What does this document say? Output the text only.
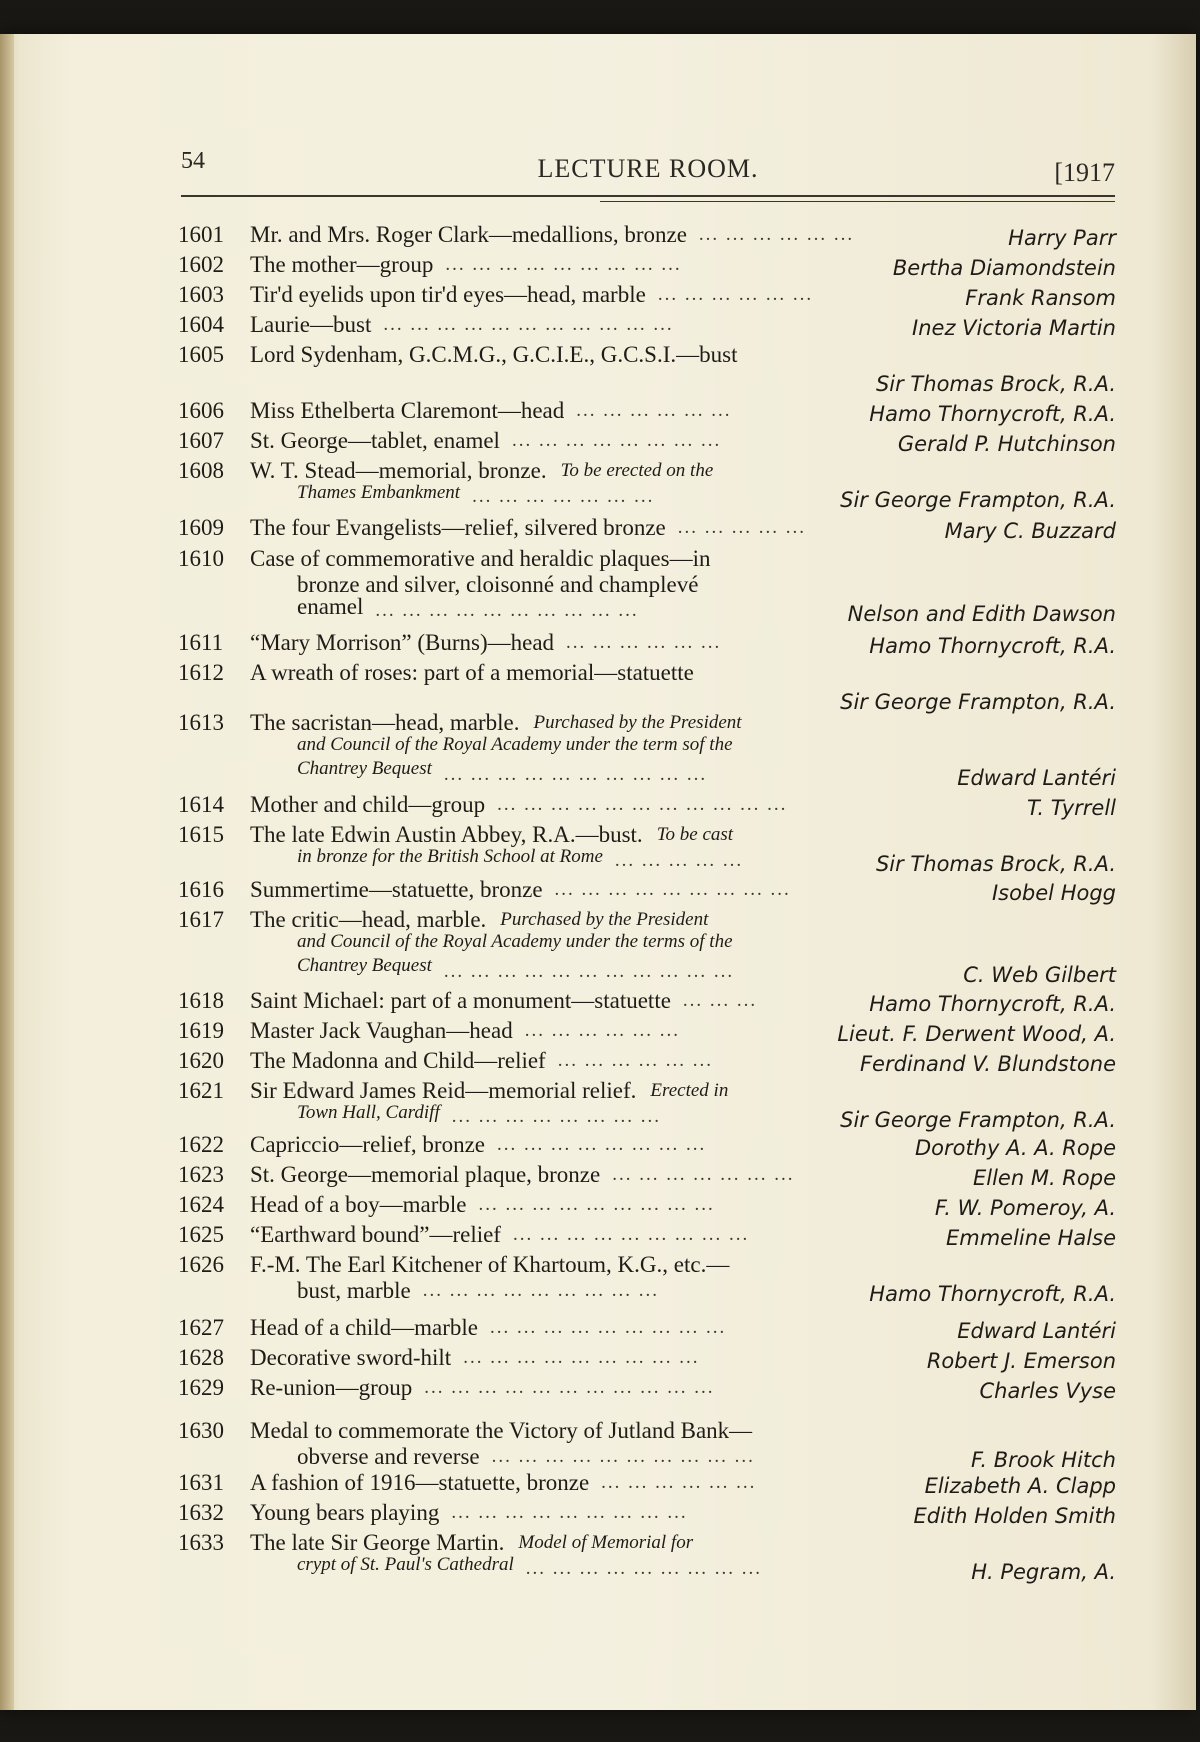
54	LECTURE ROOM.	[1917
1601 Mr. and Mrs. Roger Clark—medallions, bronze	Harry Parr
... ... ... ... ... ...
1602 The mother—group	Bertha Diamondstein
... ... ... ... ... ... ... ... ...
1603 Tir'd eyelids upon tir'd eyes—head, marble	Frank Ransom
... ... ... ... ... ...
1604 Laurie—bust	Inez Victoria Martin
... ... ... ... ... ... ... ... ... ... ...
1605 Lord Sydenham, G.C.M.G., G.C.I.E., G.C.S.I.—bust
Sir Thomas Brock, R.A.
1606 Miss Ethelberta Claremont—head	Hamo Thornycroft, R.A.
... ... ... ... ... ...
1607 St. George—tablet, enamel	Gerald P. Hutchinson
... ... ... ... ... ... ... ...
1608 W. T. Stead—memorial, bronze. To be erected on the
Thames Embankment	Sir George Frampton, R.A.
... ... ... ... ... ... ...
1609 The four Evangelists—relief, silvered bronze	Mary C. Buzzard
... ... ... ... ...
1610 Case of commemorative and heraldic plaques—in
bronze and silver, cloisonné and champlevé
enamel	Nelson and Edith Dawson
... ... ... ... ... ... ... ... ... ...
1611 “Mary Morrison” (Burns)—head	Hamo Thornycroft, R.A.
... ... ... ... ... ...
1612 A wreath of roses: part of a memorial—statuette
Sir George Frampton, R.A.
1613 The sacristan—head, marble. Purchased by the President
and Council of the Royal Academy under the term sof the
Chantrey Bequest	Edward Lantéri
... ... ... ... ... ... ... ... ... ...
1614 Mother and child—group	T. Tyrrell
... ... ... ... ... ... ... ... ... ... ...
1615 The late Edwin Austin Abbey, R.A.—bust. To be cast
in bronze for the British School at Rome	Sir Thomas Brock, R.A.
... ... ... ... ...
1616 Summertime—statuette, bronze	Isobel Hogg
... ... ... ... ... ... ... ... ...
1617 The critic—head, marble. Purchased by the President
and Council of the Royal Academy under the terms of the
Chantrey Bequest	C. Web Gilbert
... ... ... ... ... ... ... ... ... ... ...
1618 Saint Michael: part of a monument—statuette	Hamo Thornycroft, R.A.
... ... ...
1619 Master Jack Vaughan—head	Lieut. F. Derwent Wood, A.
... ... ... ... ... ...
1620 The Madonna and Child—relief	Ferdinand V. Blundstone
... ... ... ... ... ...
1621 Sir Edward James Reid—memorial relief. Erected in
Town Hall, Cardiff	Sir George Frampton, R.A.
... ... ... ... ... ... ... ...
1622 Capriccio—relief, bronze	Dorothy A. A. Rope
... ... ... ... ... ... ... ...
1623 St. George—memorial plaque, bronze	Ellen M. Rope
... ... ... ... ... ... ...
1624 Head of a boy—marble	F. W. Pomeroy, A.
... ... ... ... ... ... ... ... ...
1625 “Earthward bound”—relief	Emmeline Halse
... ... ... ... ... ... ... ... ...
1626 F.-M. The Earl Kitchener of Khartoum, K.G., etc.—
bust, marble	Hamo Thornycroft, R.A.
... ... ... ... ... ... ... ... ...
1627 Head of a child—marble	Edward Lantéri
... ... ... ... ... ... ... ... ...
1628 Decorative sword-hilt	Robert J. Emerson
... ... ... ... ... ... ... ... ...
1629 Re-union—group	Charles Vyse
... ... ... ... ... ... ... ... ... ... ...
1630 Medal to commemorate the Victory of Jutland Bank—
obverse and reverse	F. Brook Hitch
... ... ... ... ... ... ... ... ... ...
1631 A fashion of 1916—statuette, bronze	Elizabeth A. Clapp
... ... ... ... ... ...
1632 Young bears playing	Edith Holden Smith
... ... ... ... ... ... ... ... ...
1633 The late Sir George Martin. Model of Memorial for
crypt of St. Paul's Cathedral	H. Pegram, A.
... ... ... ... ... ... ... ... ...
